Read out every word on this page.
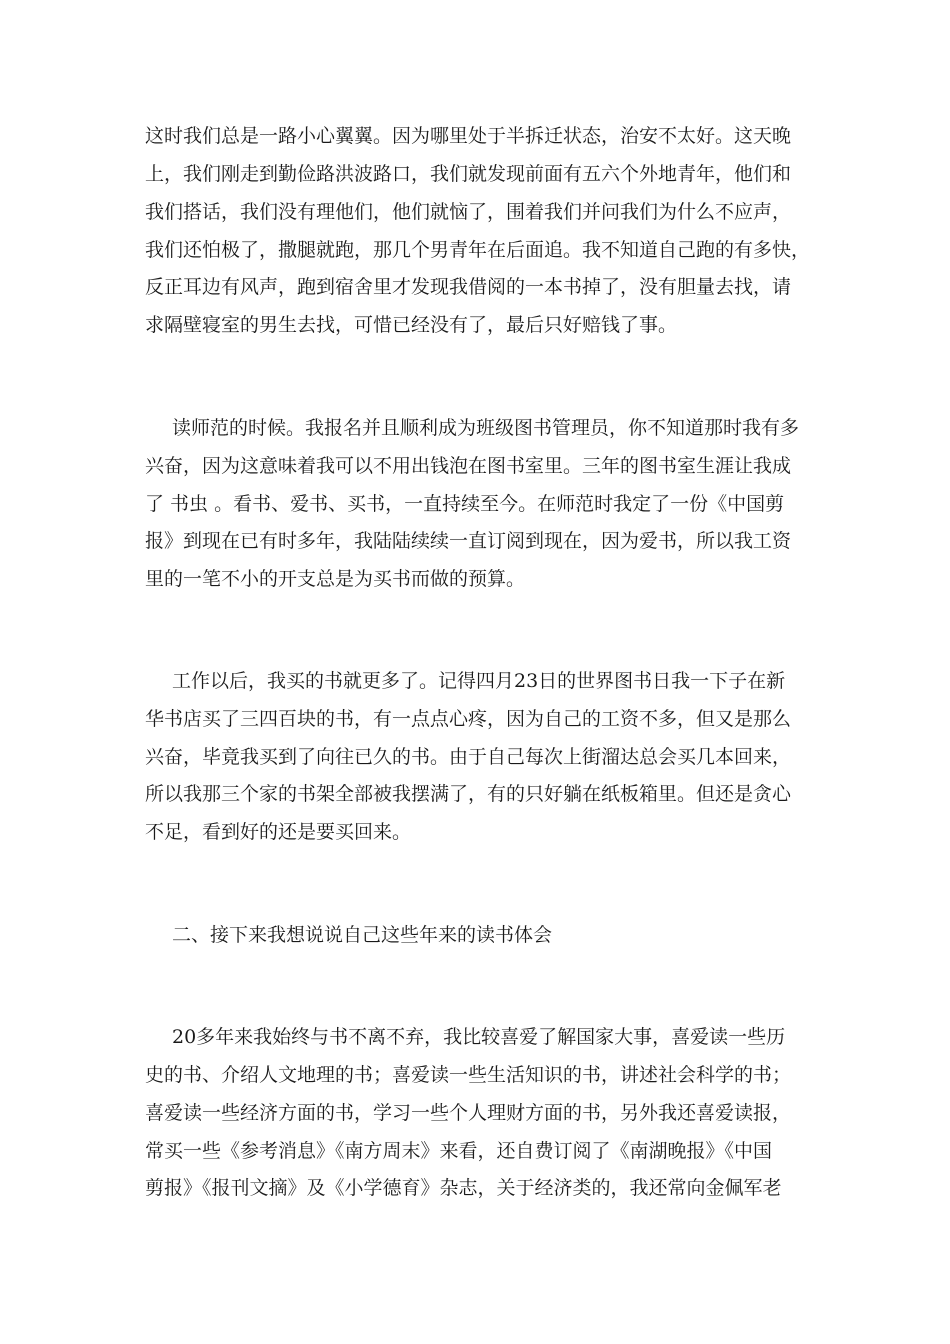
这时我们总是一路小心翼翼。因为哪里处于半拆迁状态，治安不太好。这天晚

上，我们刚走到勤俭路洪波路口，我们就发现前面有五六个外地青年，他们和

我们搭话，我们没有理他们，他们就恼了，围着我们并问我们为什么不应声，

我们还怕极了，撒腿就跑，那几个男青年在后面追。我不知道自己跑的有多快，

反正耳边有风声，跑到宿舍里才发现我借阅的一本书掉了，没有胆量去找，请

求隔壁寝室的男生去找，可惜已经没有了，最后只好赔钱了事。

读师范的时候。我报名并且顺利成为班级图书管理员，你不知道那时我有多

兴奋，因为这意味着我可以不用出钱泡在图书室里。三年的图书室生涯让我成

了 书虫 。看书、爱书、买书，一直持续至今。在师范时我定了一份《中国剪

报》到现在已有时多年，我陆陆续续一直订阅到现在，因为爱书，所以我工资

里的一笔不小的开支总是为买书而做的预算。

工作以后，我买的书就更多了。记得四月23日的世界图书日我一下子在新

华书店买了三四百块的书，有一点点心疼，因为自己的工资不多，但又是那么

兴奋，毕竟我买到了向往已久的书。由于自己每次上街溜达总会买几本回来，

所以我那三个家的书架全部被我摆满了，有的只好躺在纸板箱里。但还是贪心

不足，看到好的还是要买回来。

二、接下来我想说说自己这些年来的读书体会

20多年来我始终与书不离不弃，我比较喜爱了解国家大事，喜爱读一些历

史的书、介绍人文地理的书；喜爱读一些生活知识的书，讲述社会科学的书；

喜爱读一些经济方面的书，学习一些个人理财方面的书，另外我还喜爱读报，

常买一些《参考消息》《南方周末》来看，还自费订阅了《南湖晚报》《中国

剪报》《报刊文摘》及《小学德育》杂志，关于经济类的，我还常向金佩军老
